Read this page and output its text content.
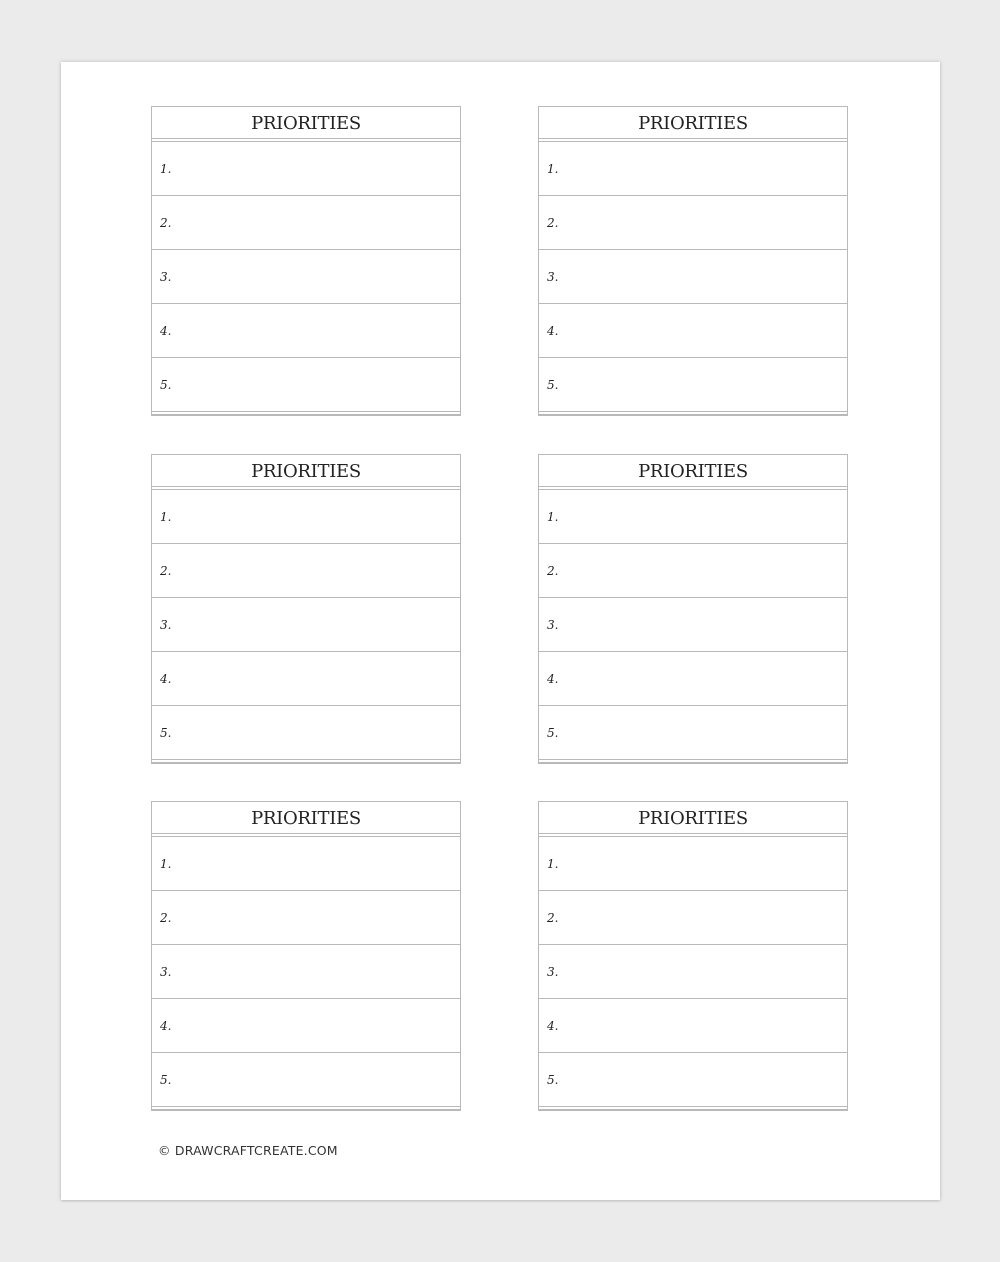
PRIORITIES
1.
2.
3.
4.
5.
PRIORITIES
1.
2.
3.
4.
5.
PRIORITIES
1.
2.
3.
4.
5.
PRIORITIES
1.
2.
3.
4.
5.
PRIORITIES
1.
2.
3.
4.
5.
PRIORITIES
1.
2.
3.
4.
5.
© DRAWCRAFTCREATE.COM
